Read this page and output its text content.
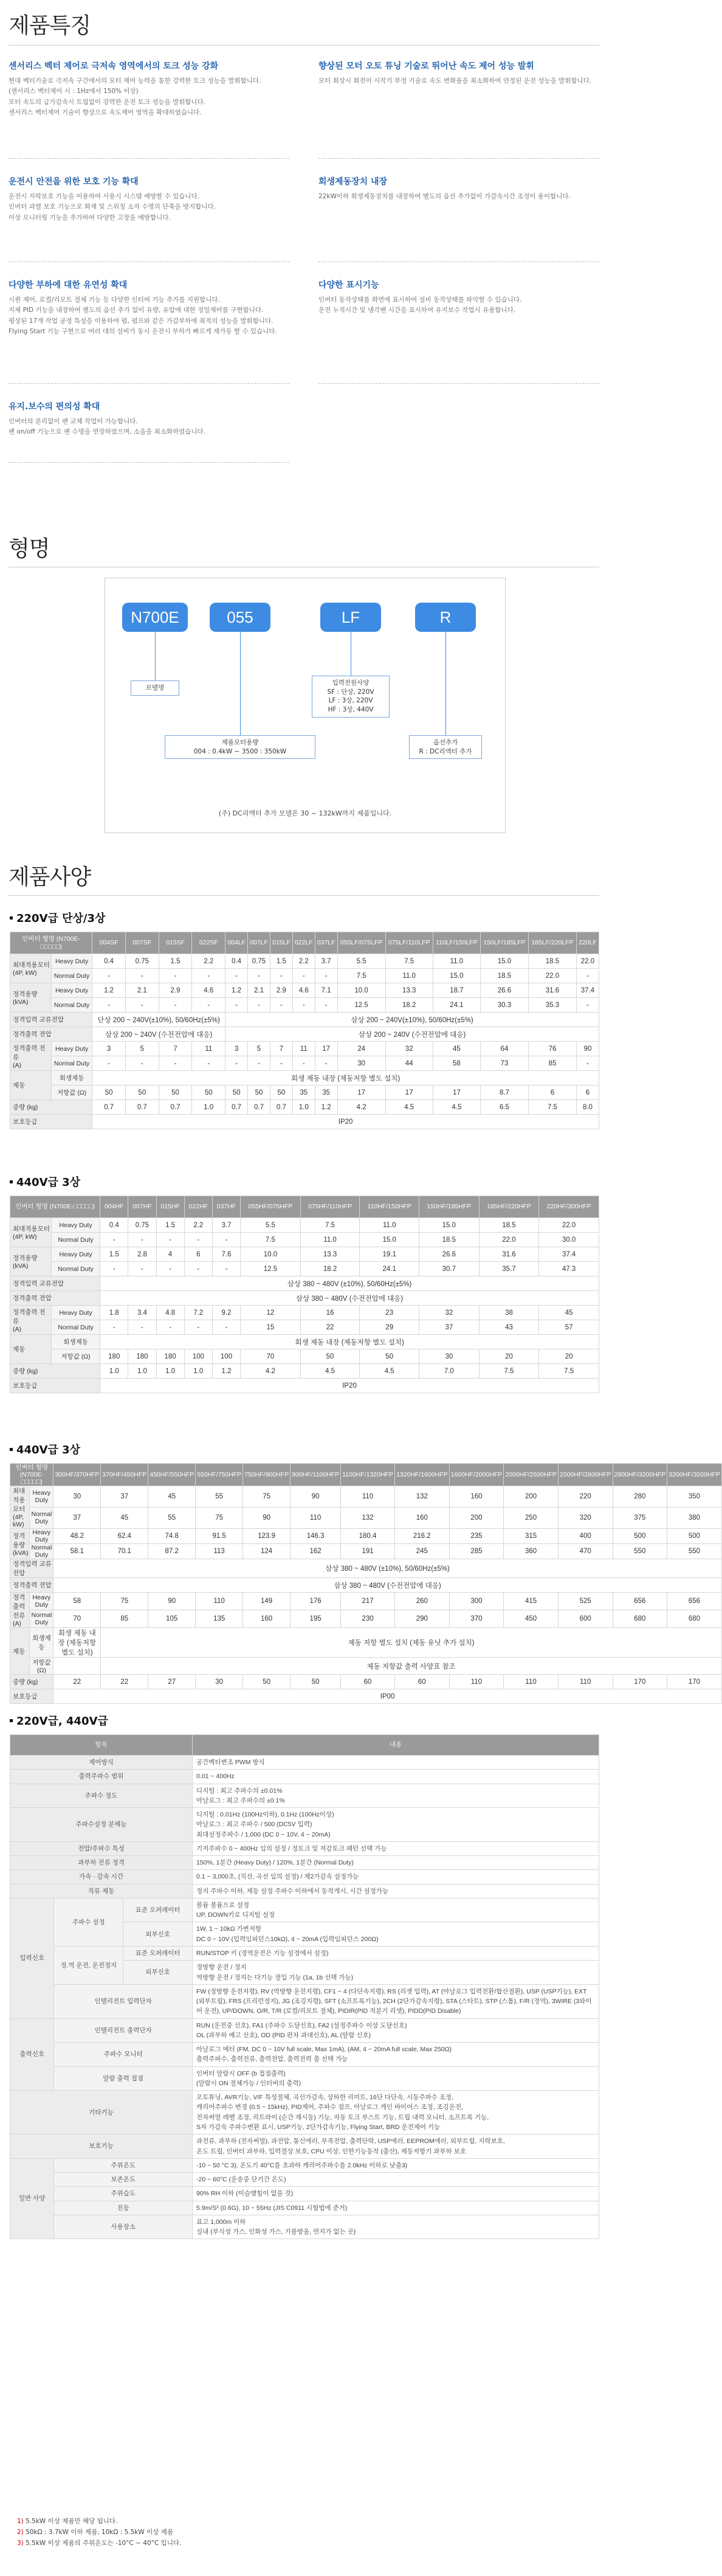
제품특징
센서리스 벡터 제어로 극저속 영역에서의 토크 성능 강화

현대 벡터기술로 극저속 구간에서의 모터 제어 능력을 통한 강력한 토크 성능을 발휘합니다.
(센서리스 벡터제어 시 : 1Hz에서 150% 이상)
모터 속도의 급가감속시 트립없이 강력한 운전 토크 성능을 발휘합니다.
센서리스 벡터제어 기술이 향상으로 속도제어 영역을 확대하였습니다.

향상된 모터 오토 튜닝 기술로 뛰어난 속도 제어 성능 발휘

모터 회상시 회전이 시작기 부정 기술로 속도 변화율을 최소화하여 안정된 운전 성능을 발휘합니다.

운전시 안전을 위한 보호 기능 확대

운전시 지락보호 기능을 이용하여 사용시 시스템 예방할 수 있습니다.
인버터 과열 보호 기능으로 화재 및 스위칭 소자 수명의 단축을 방지합니다.
이상 모니터링 기능을 추가하여 다양한 고장을 예방합니다.

회생제동장치 내장

22kW이하 회생제동장치를 내장하여 별도의 옵션 추가없이 가감속시간 조정이 용이합니다.

다양한 부하에 대한 유연성 확대

시퀀 제어, 로컬/리모트 절체 기능 등 다양한 인터버 기능 추가를 지원합니다.
지체 PID 기능을 내장하여 별도의 옵션 추가 없이 유량, 유압에 대한 정밀제어를 구현합니다.
평상된 17개 작업 공정 특성을 이용하여 펌, 펌프와 같은 가감부하에 최적의 성능을 발휘합니다.
Flying Start 기능 구현으로 여러 대의 설비가 동시 운전시 부하가 빠르게 재가동 할 수 있습니다.

다양한 표시기능

인버터 동작상태를 화면에 표시하여 설비 동작상태를 파악할 수 있습니다.
운전 누적시간 및 냉각팬 시간을 표시하여 유지보수 작업시 유용합니다.

유지.보수의 편의성 확대

인버터의 분리없이 팬 교체 작업이 가능합니다.
팬 on/off 기능으로 팬 수명을 연장하였으며, 소음을 최소화하였습니다.

형명
N700E	055	LF	R
모델명
제품모터용량
004 : 0.4kW ~ 3500 : 350kW
입력전원사양
SF : 단상, 220V
LF : 3상, 220V
HF : 3상, 440V
옵션추가
R : DC리액터 추가
(주) DC리액터 추가 모델은 30 ~ 132kW까지 제품입니다.
제품사양
220V급 단상/3상
인버터 형명 (N700E-□□□□□)		004SF	007SF	015SF	022SF	004LF	007LF	015LF	022LF	037LF	055LF/075LFP	075LF/110LFP	110LF/150LFP	150LF/185LFP	185LF/220LFP	220LF
최대적용모터
(4P, kW)	Heavy Duty	0.4	0.75	1.5	2.2	0.4	0.75	1.5	2.2	3.7	5.5	7.5	11.0	15.0	18.5	22.0
	Normal Duty	-	-	-	-	-	-	-	-	-	7.5	11.0	15.0	18.5	22.0	-
정격용량
(kVA)	Heavy Duty	1.2	2.1	2.9	4.6	1.2	2.1	2.9	4.6	7.1	10.0	13.3	18.7	26.6	31.6	37.4
	Normal Duty	-	-	-	-	-	-	-	-	-	12.5	18.2	24.1	30.3	35.3	-
정격입력 교류전압		단상 200 ~ 240V(±10%), 50/60Hz(±5%)				삼상 200 ~ 240V(±10%), 50/60Hz(±5%)										
정격출력 전압		삼상 200 ~ 240V (수전전압에 대응)				삼상 200 ~ 240V (수전전압에 대응)										
정격출력 전류
(A)	Heavy Duty	3	5	7	11	3	5	7	11	17	24	32	45	64	76	90
	Normal Duty	-	-	-	-	-	-	-	-	-	30	44	58	73	85	-
제동	회생제동	회생 제동 내장 (제동저항 별도 설치)														
	저항값 (Ω)	50	50	50	50	50	50	50	35	35	17	17	17	8.7	6	6
중량 (kg)		0.7	0.7	0.7	1.0	0.7	0.7	0.7	1.0	1.2	4.2	4.5	4.5	6.5	7.5	8.0
보호등급		IP20														
440V급 3상
인버터 형명 (N700E-□□□□□)		004HF	007HF	015HF	022HF	037HF	055HF/075HFP	075HF/110HFP	110HF/150HFP	150HF/185HFP	185HF/220HFP	220HF/300HFP
최대적용모터
(4P, kW)	Heavy Duty	0.4	0.75	1.5	2.2	3.7	5.5	7.5	11.0	15.0	18.5	22.0
	Normal Duty	-	-	-	-	-	7.5	11.0	15.0	18.5	22.0	30.0
정격용량
(kVA)	Heavy Duty	1.5	2.8	4	6	7.6	10.0	13.3	19.1	26.6	31.6	37.4
	Normal Duty	-	-	-	-	-	12.5	18.2	24.1	30.7	35.7	47.3
정격입력 교류전압		삼상 380 ~ 480V (±10%), 50/60Hz(±5%)										
정격출력 전압		삼상 380 ~ 480V (수전전압에 대응)										
정격출력 전류
(A)	Heavy Duty	1.8	3.4	4.8	7.2	9.2	12	16	23	32	38	45
	Normal Duty	-	-	-	-	-	15	22	29	37	43	57
제동	회생제동	회생 제동 내장 (제동저항 별도 설치)										
	저항값 (Ω)	180	180	180	100	100	70	50	50	30	20	20
중량 (kg)		1.0	1.0	1.0	1.0	1.2	4.2	4.5	4.5	7.0	7.5	7.5
보호등급		IP20										
440V급 3상
인버터 형명 (N700E-□□□□□)		300HF/370HFP	370HF/450HFP	450HF/550HFP	550HF/750HFP	750HF/900HFP	900HF/1100HFP	1100HF/1320HFP	1320HF/1600HFP	1600HF/2000HFP	2000HF/2500HFP	2500HF/2800HFP	2800HF/3200HFP	3200HF/3500HFP
최대적용모터
(4P, kW)	Heavy Duty	30	37	45	55	75	90	110	132	160	200	220	280	350
	Normal Duty	37	45	55	75	90	110	132	160	200	250	320	375	380
정격용량
(kVA)	Heavy Duty	48.2	62.4	74.8	91.5	123.9	146.3	180.4	216.2	235	315	400	500	500
	Normal Duty	58.1	70.1	87.2	113	124	162	191	245	285	360	470	550	550
정격입력 교류전압		삼상 380 ~ 480V (±10%), 50/60Hz(±5%)												
정격출력 전압		삼상 380 ~ 480V (수전전압에 대응)												
정격출력 전류
(A)	Heavy Duty	58	75	90	110	149	176	217	260	300	415	525	656	656
	Normal Duty	70	85	105	135	160	195	230	290	370	450	600	680	680
제동	회생제동	회생 제동 내장 (제동저항 별도 설치)	제동 저항 별도 설치 (제동 유닛 추가 설치)											
	저항값 (Ω)		제동 저항값 출력 사양표 참조											
중량 (kg)		22	22	27	30	50	50	60	60	110	110	110	170	170
보호등급		IP00												
220V급, 440V급
항목			내용
제어방식			공간벡터변조 PWM 방식
출력주파수 범위			0.01 ~ 400Hz
주파수 정도			디지털 : 최고 주파수의 ±0.01%
아날로그 : 최고 주파수의 ±0.1%
주파수설정 분해능			디지털 : 0.01Hz (100Hz이하), 0.1Hz (100Hz이상)
아날로그 : 최고 주파수 / 500 (DC5V 입력)
최대설정주파수 / 1,000 (DC 0 ~ 10V, 4 ~ 20mA)
전압/주파수 특성			기저주파수 0 ~ 400Hz 임의 설정 / 정토크 및 저감토크 패턴 선택 가능
과부하 전류 정격			150%, 1분간 (Heavy Duty) / 120%, 1분간 (Normal Duty)
가속 · 감속 시간			0.1 ~ 3,000초, (직선, 곡선 임의 설정) / 제2가감속 설정가능
직류 제동			정지 주파수 이하, 제동 설정 주파수 이하에서 동작개시, 시간 설정가능
입력신호	주파수 설정	표준 오퍼레이터	볼륨 볼륨으로 설정
UP, DOWN키로 디지털 설정
		외부신호	1W, 1 ~ 10kΩ 가변저항
DC 0 ~ 10V (입력임피던스10kΩ), 4 ~ 20mA (입력임피던스 200Ω)
	정.역 운전, 운전정지	표준 오퍼레이터	RUN/STOP 키 (정역운전은 기능 설정에서 설정)
		외부신호	정방향 운전 / 정지
역방향 운전 / 정지는 다기능 절입 기능 (1a, 1b 선택 가능)
	인텔리전트 입력단자		FW (정방향 운전지령), RV (역방향 운전지령), CF1 ~ 4 (다단속지령), RS (리셋 입력), AT (아날로그 입력전환/합산절환), USP (USP기능), EXT (외부트립), FRS (프리런정지), JG (조깅지령), SFT (소프트록기능), 2CH (2단가감속지령), STA (스타트), STP (스톱), F/R (정역), 3WIRE (3와이어 운전), UP/DOWN, O/R, T/R (로컬/리모트 절체), PIDIR(PID 적분기 리셋), PIDD(PID Disable)
출력신호	인텔리전트 출력단자		RUN (운전중 신호), FA1 (주파수 도달신호), FA2 (설정주파수 이상 도달신호)
OL (과부하 예고 신호), OD (PID 편차 과대신호), AL (알람 신호)
	주파수 모니터		아날로그 메터 (FM, DC 0 ~ 10V full scale, Max 1mA), (AM, 4 ~ 20mA full scale, Max 250Ω)
출력주파수, 출력전류, 출력전압, 출력전력 출 선택 가능
	알람 출력 접점		인버터 알람시 OFF (b 접점출력)
(알람시 ON 절체가능 / 인터버의 출력)
기타기능			오토튜닝, AVR기능, V/F 특성절체, 곡선가감속, 상하한 리미트, 16단 다단속, 시동주파수 조정,
캐리어주파수 변경 (0.5 ~ 15kHz), PID제어, 주파수 점프, 아날로그 게인 바이어스 조정, 조깅운전,
전자써멀 레벨 조정, 리트라이 (순간 재시동) 기능, 자동 토크 부스트 기능, 트립 내력 모니터, 소프트록 기능,
S자 가감속 주파수변환 표시, USP기능, 2단가감속기능, Flying Start, BRD 운전제어 기능
보호기능			과전류, 과부하 (전자써멀), 과전압, 통신에러, 부족전압, 출력단락, USP에러, EEPROM에러, 외부트립, 지락보호,
온도 트립, 인버터 과부하, 입력결상 보호, CPU 이상, 인한기능동작 (출산), 제동저항기 과부하 보호
일반 사양	주위온도		-10 ~ 50 °C 3), 온도기 40°C를 초과하 캐리어주파수를 2.0kHz 이하로 낮춤3)
	보존온도		-20 ~ 60°C (운송중 단기간 온도)
	주위습도		90% RH 이하 (이슬맺힘이 없을 것)
	진동		5.9m/S² (0.6G), 10 ~ 55Hz (JIS C0911 시험법에 준거)
	사용장소		표고 1,000m 이하
실내 (부식성 가스, 인화성 가스, 기름방울, 먼지가 없는 곳)
1) 5.5kW 이상 제품만 해당 됩니다.
2) 50kΩ : 3.7kW 이하 제품, 10kΩ : 5.5kW 이상 제품
3) 5.5kW 이상 제품의 주위온도는 -10°C ~ 40°C 입니다.
